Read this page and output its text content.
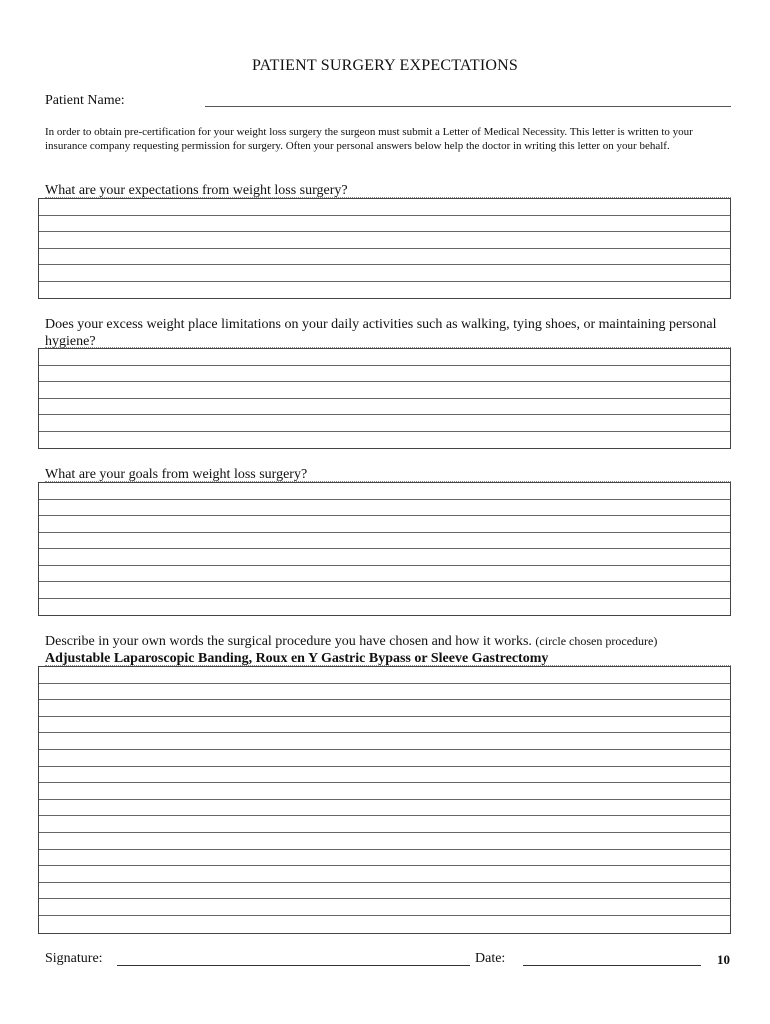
PATIENT SURGERY EXPECTATIONS
Patient Name:
In order to obtain pre-certification for your weight loss surgery the surgeon must submit a Letter of Medical Necessity. This letter is written to your insurance company requesting permission for surgery. Often your personal answers below help the doctor in writing this letter on your behalf.
What are your expectations from weight loss surgery?
Does your excess weight place limitations on your daily activities such as walking, tying shoes, or maintaining personal hygiene?
What are your goals from weight loss surgery?
Describe in your own words the surgical procedure you have chosen and how it works. (circle chosen procedure)
Adjustable Laparoscopic Banding, Roux en Y Gastric Bypass or Sleeve Gastrectomy
Signature:	Date:	10
